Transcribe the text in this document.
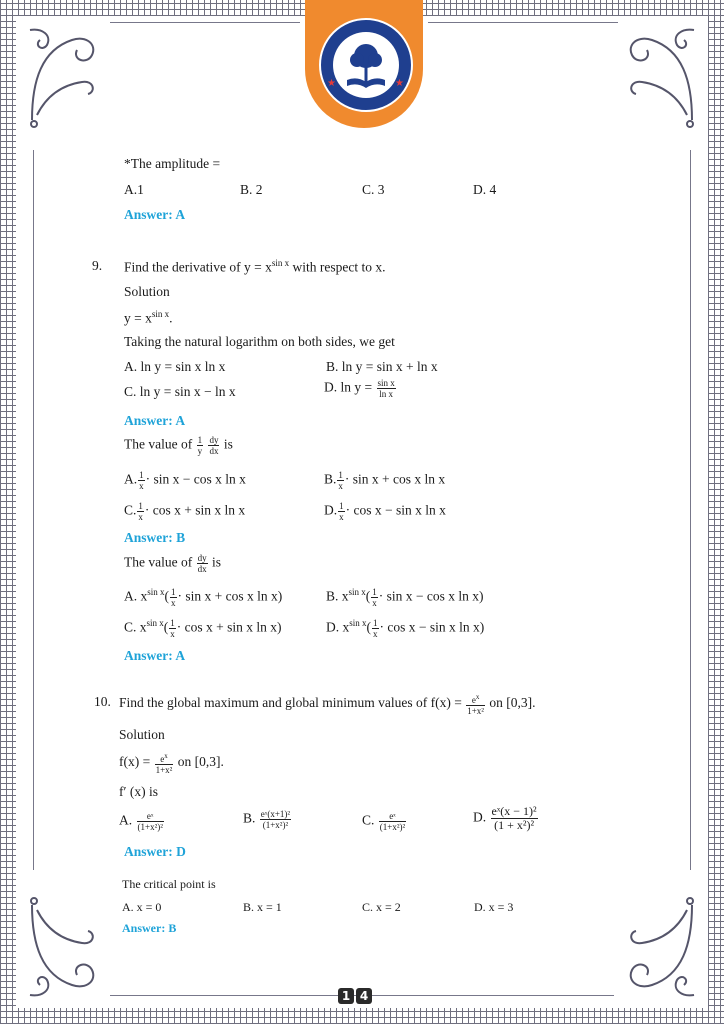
★	★
*The amplitude =
A.1	B. 2	C. 3	D. 4
Answer: A
9. Find the derivative of $y = x^{sin x}$ with respect to x.
Solution
$y = x^{sin x}$.
Taking the natural logarithm on both sides, we get
A. ln y = sin x ln x	B. ln y = sin x + ln x
C. ln y = sin x − ln x	D. $\ln y = \frac{\text{sin x}}{\text{ln x}}$
Answer: A
The value of $\frac{1}{y}$
$\frac{dy}{dx}$ is
A. $\frac{1}{x} \cdot \sin x - \cos x$ ln x	B. $\frac{1}{x} \cdot \sin x + \cos x$ ln x
C. $\frac{1}{x} \cdot \cos x + \sin x$ ln x	D. $\frac{1}{x} \cdot \cos x - \sin x$ ln x
Answer: B
The value of $\frac{dy}{dx}$ is
A. $x^{sin x}( \frac{1}{x} \cdot \sin x + \cos x$ ln x)	B. $x^{sin x}( \frac{1}{x} \cdot \sin x - \cos x$ ln x)
C. $x^{sin x}( \frac{1}{x} \cdot \cos x + \sin x$ ln x)	D. $x^{sin x}( \frac{1}{x} \cdot \cos x - \sin x$ ln x)
Answer: A
10. Find the global maximum and global minimum values of $f(x) = \frac{e^x}{\text{1+x²}}$ on [0,3].
Solution
$f(x) = \frac{e^x}{\text{1+x²}}$ on [0,3].
f′ (x) is
A. $\frac{\text{eˣ}}{\text{(1+x²)²}}$	B. $\frac{\text{eˣ(x+1)²}}{\text{(1+x²)²}}$	C. $\frac{\text{eˣ}}{\text{(1+x²)²}}$	D. $\frac{\text{eˣ(x − 1)²}}{\text{(1 + x²)²}}$
Answer: D
The critical point is
A. x = 0	B. x = 1	C. x = 2	D. x = 3
Answer: B
1 4
